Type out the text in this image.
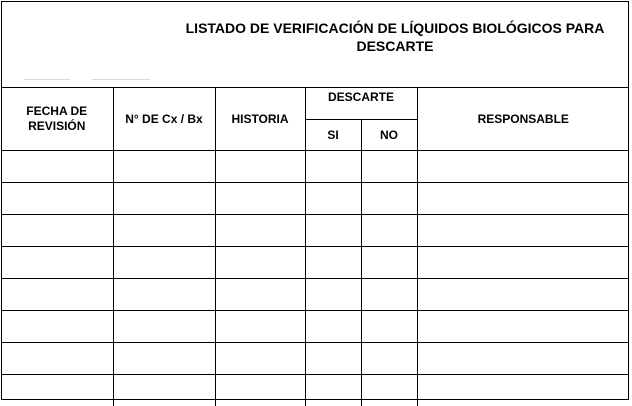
LISTADO DE VERIFICACIÓN DE LÍQUIDOS BIOLÓGICOS PARA
DESCARTE
FECHA DE
REVISIÓN	N° DE Cx / Bx	HISTORIA	DESCARTE		RESPONSABLE
			SI	NO	
